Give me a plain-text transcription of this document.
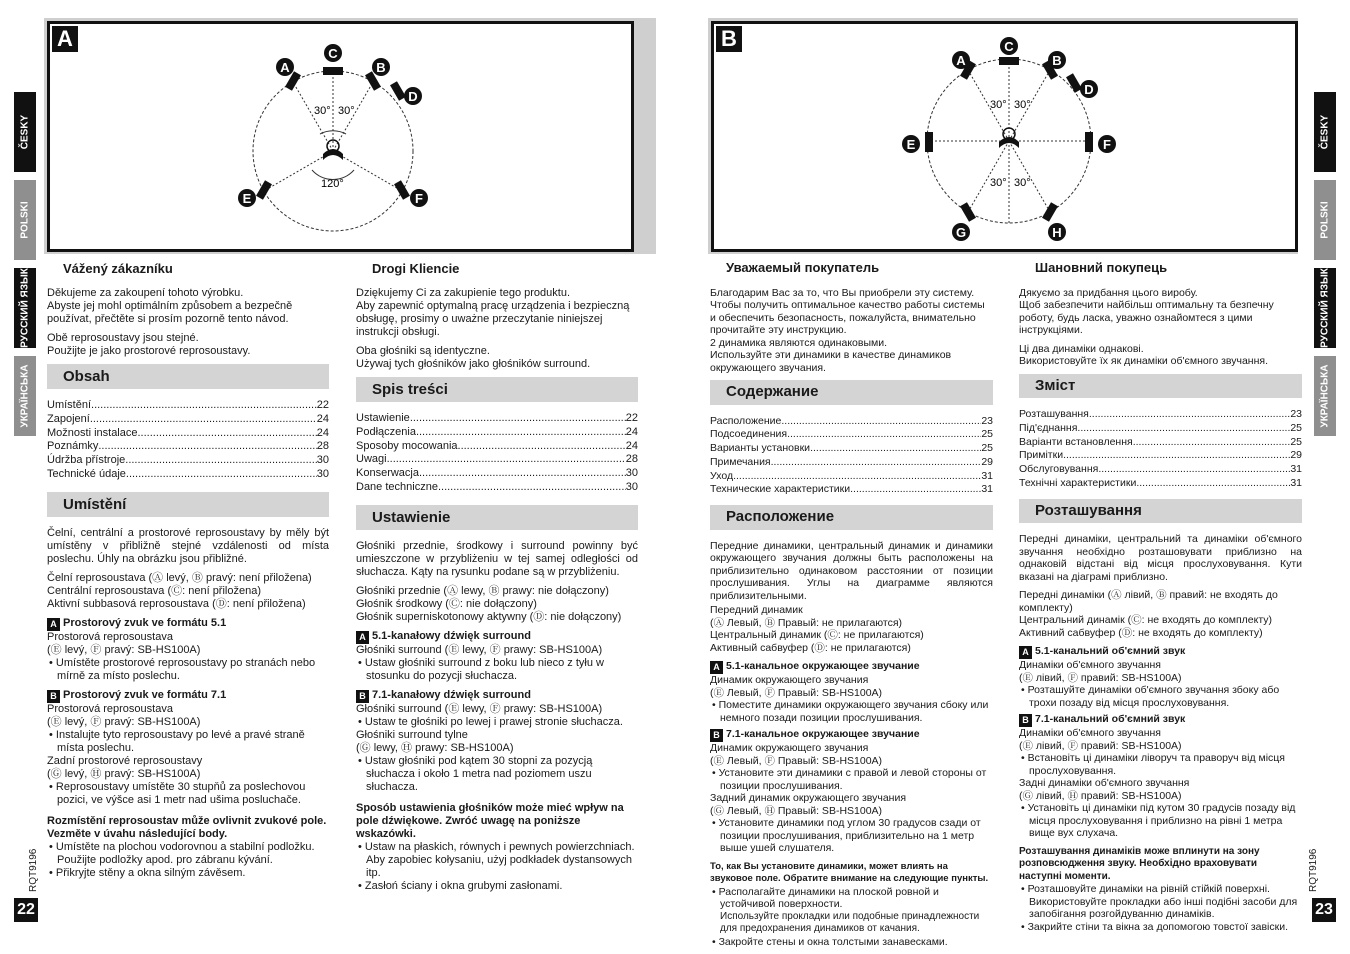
A
30° 30°
120°
A
C
B
D
E	F
B
30° 30°
30° 30°
A
C
B
D
E	F
G	H
ČESKY
POLSKI
РУССКИЙ ЯЗЫК
УКРАЇНСЬКА
ČESKY
POLSKI
РУССКИЙ ЯЗЫК
УКРАЇНСЬКА
RQT9196
22
RQT9196
23

Vážený zákazníku

Děkujeme za zakoupení tohoto výrobku.
Abyste jej mohl optimálním způsobem a bezpečně používat, přečtěte si prosím pozorně tento návod.

Obě reprosoustavy jsou stejné.
Použijte je jako prostorové reprosoustavy.

Obsah
Umístění .....	22
Zapojení .....	24
Možnosti instalace .....	24
Poznámky .....	28
Údržba přístroje .....	30
Technické údaje .....	30
Umístění

Čelní, centrální a prostorové reprosoustavy by měly být umístěny v přibližně stejné vzdálenosti od místa poslechu. Úhly na obrázku jsou přibližné.

Čelní reprosoustava (Ⓐ levý, Ⓑ pravý: není přiložena)
Centrální reprosoustava (Ⓒ: není přiložena)
Aktivní subbasová reprosoustava (Ⓓ: není přiložena)

A Prostorový zvuk ve formátu 5.1
Prostorová reprosoustava
(Ⓔ levý, Ⓕ pravý: SB-HS100A)
• Umístěte prostorové reprosoustavy po stranách nebo mírně za místo poslechu.
B Prostorový zvuk ve formátu 7.1
Prostorová reprosoustava
(Ⓔ levý, Ⓕ pravý: SB-HS100A)
• Instalujte tyto reprosoustavy po levé a pravé straně místa poslechu.
Zadní prostorové reprosoustavy
(Ⓖ levý, Ⓗ pravý: SB-HS100A)
• Reprosoustavy umístěte 30 stupňů za poslechovou pozici, ve výšce asi 1 metr nad ušima posluchače.
Rozmístění reprosoustav může ovlivnit zvukové pole. Vezměte v úvahu následující body.
• Umístěte na plochou vodorovnou a stabilní podložku.
Použijte podložky apod. pro zábranu kývání.
• Přikryjte stěny a okna silným závěsem.

Drogi Kliencie

Dziękujemy Ci za zakupienie tego produktu.
Aby zapewnić optymalną pracę urządzenia i bezpieczną obsługę, prosimy o uważne przeczytanie niniejszej instrukcji obsługi.

Oba głośniki są identyczne.
Używaj tych głośników jako głośników surround.

Spis treści
Ustawienie .....	22
Podłączenia .....	24
Sposoby mocowania .....	24
Uwagi .....	28
Konserwacja .....	30
Dane techniczne .....	30
Ustawienie

Głośniki przednie, środkowy i surround powinny być umieszczone w przybliżeniu w tej samej odległości od słuchacza. Kąty na rysunku podane są w przybliżeniu.

Głośniki przednie (Ⓐ lewy, Ⓑ prawy: nie dołączony)
Głośnik środkowy (Ⓒ: nie dołączony)
Głośnik superniskotonowy aktywny (Ⓓ: nie dołączony)

A 5.1-kanałowy dźwięk surround
Głośniki surround (Ⓔ lewy, Ⓕ prawy: SB-HS100A)
• Ustaw głośniki surround z boku lub nieco z tyłu w stosunku do pozycji słuchacza.
B 7.1-kanałowy dźwięk surround
Głośniki surround (Ⓔ lewy, Ⓕ prawy: SB-HS100A)
• Ustaw te głośniki po lewej i prawej stronie słuchacza.
Głośniki surround tylne
(Ⓖ lewy, Ⓗ prawy: SB-HS100A)
• Ustaw głośniki pod kątem 30 stopni za pozycją słuchacza i około 1 metra nad poziomem uszu słuchacza.
Sposób ustawienia głośników może mieć wpływ na pole dźwiękowe. Zwróć uwagę na poniższe wskazówki.
• Ustaw na płaskich, równych i pewnych powierzchniach.
Aby zapobiec kołysaniu, użyj podkładek dystansowych itp.
• Zasłoń ściany i okna grubymi zasłonami.

Уважаемый покупатель

Благодарим Вас за то, что Вы приобрели эту систему.
Чтобы получить оптимальное качество работы системы и обеспечить безопасность, пожалуйста, внимательно прочитайте эту инструкцию.
2 динамика являются одинаковыми.
Используйте эти динамики в качестве динамиков окружающего звучания.

Содержание
Расположение .....	23
Подсоединения .....	25
Варианты установки .....	25
Примечания .....	29
Уход .....	31
Технические характеристики .....	31
Расположение

Передние динамики, центральный динамик и динамики окружающего звучания должны быть расположены на приблизительно одинаковом расстоянии от позиции прослушивания. Углы на диаграмме являются приблизительными.

Передний динамик
(Ⓐ Левый, Ⓑ Правый: не прилагаются)
Центральный динамик (Ⓒ: не прилагаются)
Активный сабвуфер (Ⓓ: не прилагаются)

A 5.1-канальное окружающее звучание
Динамик окружающего звучания
(Ⓔ Левый, Ⓕ Правый: SB-HS100A)
• Поместите динамики окружающего звучания сбоку или немного позади позиции прослушивания.
B 7.1-канальное окружающее звучание
Динамик окружающего звучания
(Ⓔ Левый, Ⓕ Правый: SB-HS100A)
• Установите эти динамики с правой и левой стороны от позиции прослушивания.
Задний динамик окружающего звучания
(Ⓖ Левый, Ⓗ Правый: SB-HS100A)
• Установите динамики под углом 30 градусов сзади от позиции прослушивания, приблизительно на 1 метр выше ушей слушателя.
То, как Вы установите динамики, может влиять на звуковое поле. Обратите внимание на следующие пункты.
• Располагайте динамики на плоской ровной и устойчивой поверхности.
Используйте прокладки или подобные принадлежности для предохранения динамиков от качания.
• Закройте стены и окна толстыми занавесками.

Шановний покупець

Дякуємо за придбання цього виробу.
Щоб забезпечити найбільш оптимальну та безпечну роботу, будь ласка, уважно ознайомтеся з цими інструкціями.

Ці два динаміки однакові.
Використовуйте їх як динаміки об'ємного звучання.

Зміст
Розташування .....	23
Під'єднання .....	25
Варіанти встановлення .....	25
Примітки .....	29
Обслуговування .....	31
Технічні характеристики .....	31
Розташування

Передні динаміки, центральний та динаміки об'ємного звучання необхідно розташовувати приблизно на однаковій відстані від місця прослуховування. Кути вказані на діаграмі приблизно.

Передні динаміки (Ⓐ лівий, Ⓑ правий: не входять до комплекту)
Центральний динамік (Ⓒ: не входять до комплекту)
Активний сабвуфер (Ⓓ: не входять до комплекту)

A 5.1-канальний об'ємний звук
Динаміки об'ємного звучання
(Ⓔ лівий, Ⓕ правий: SB-HS100A)
• Розташуйте динаміки об'ємного звучання збоку або трохи позаду від місця прослуховування.
B 7.1-канальний об'ємний звук
Динаміки об'ємного звучання
(Ⓔ лівий, Ⓕ правий: SB-HS100A)
• Встановіть ці динаміки ліворуч та праворуч від місця прослуховування.
Задні динаміки об'ємного звучання
(Ⓖ лівий, Ⓗ правий: SB-HS100A)
• Установіть ці динаміки під кутом 30 градусів позаду від місця прослуховування і приблизно на рівні 1 метра вище вух слухача.
Розташування динаміків може вплинути на зону розповсюдження звуку. Необхідно враховувати наступні моменти.
• Розташовуйте динаміки на рівній стійкій поверхні.
Використовуйте прокладки або інші подібні засоби для запобігання розгойдуванню динаміків.
• Закрийте стіни та вікна за допомогою товстої завіски.
